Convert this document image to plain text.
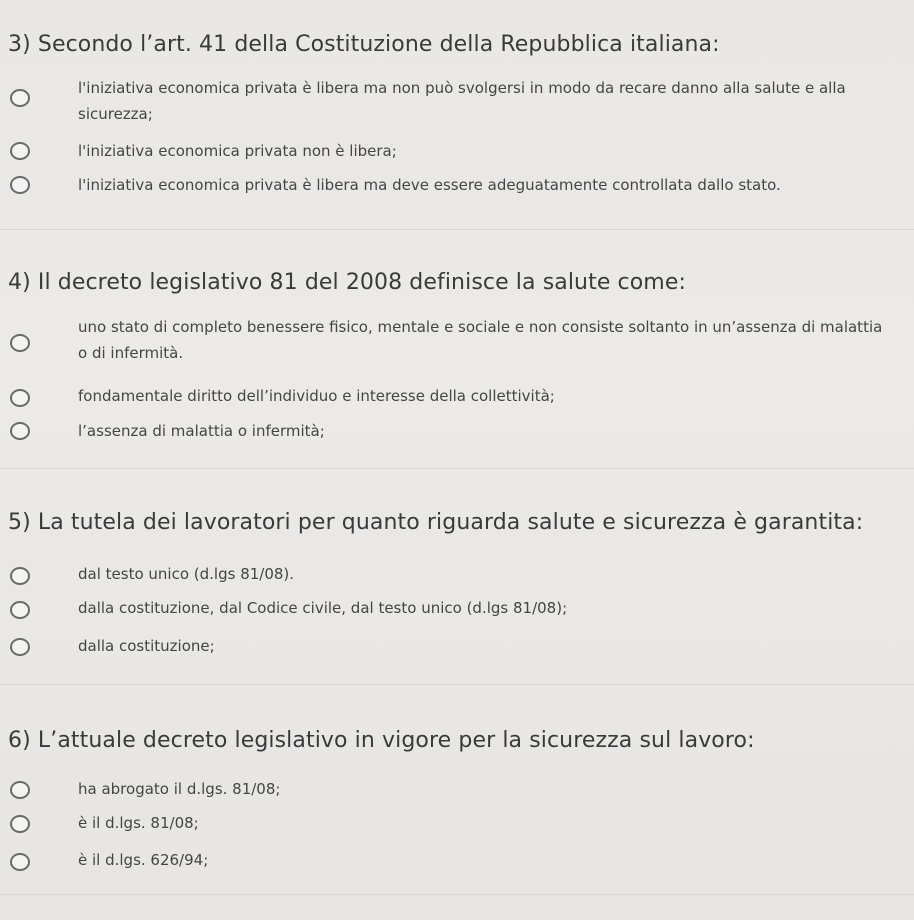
3) Secondo l’art. 41 della Costituzione della Repubblica italiana:
l'iniziativa economica privata è libera ma non può svolgersi in modo da recare danno alla salute e alla sicurezza;
l'iniziativa economica privata non è libera;
l'iniziativa economica privata è libera ma deve essere adeguatamente controllata dallo stato.
4) Il decreto legislativo 81 del 2008 definisce la salute come:
uno stato di completo benessere fisico, mentale e sociale e non consiste soltanto in un’assenza di malattia o di infermità.
fondamentale diritto dell’individuo e interesse della collettività;
l’assenza di malattia o infermità;
5) La tutela dei lavoratori per quanto riguarda salute e sicurezza è garantita:
dal testo unico (d.lgs 81/08).
dalla costituzione, dal Codice civile, dal testo unico (d.lgs 81/08);
dalla costituzione;
6) L’attuale decreto legislativo in vigore per la sicurezza sul lavoro:
ha abrogato il d.lgs. 81/08;
è il d.lgs. 81/08;
è il d.lgs. 626/94;
